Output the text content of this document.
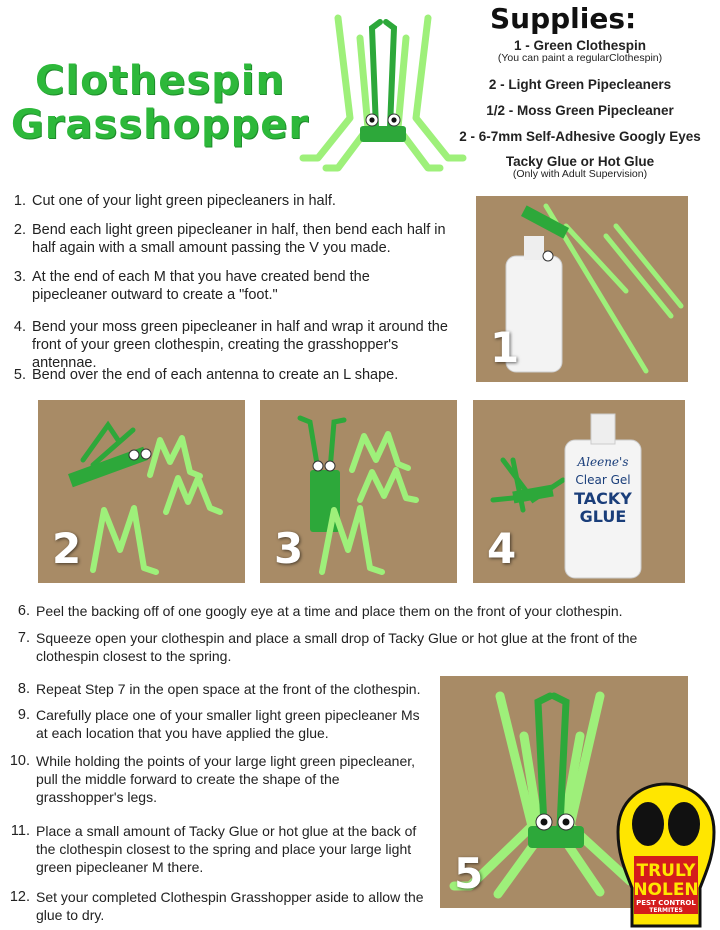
Clothespin
Grasshopper
Supplies:
1 - Green Clothespin
(You can paint a regularClothespin)
2 - Light Green Pipecleaners
1/2 - Moss Green Pipecleaner
2 - 6-7mm Self-Adhesive Googly Eyes
Tacky Glue or Hot Glue
(Only with Adult Supervision)
1. Cut one of your light green pipecleaners in half.
2. Bend each light green pipecleaner in half, then bend each half in half again with a small amount passing the V you made.
3. At the end of each M that you have created bend the pipecleaner outward to create a "foot."
4. Bend your moss green pipecleaner in half and wrap it around the front of your green clothespin, creating the grasshopper's antennae.
5. Bend over the end of each antenna to create an L shape.
1
2	3
Aleene's
Clear Gel
TACKY
GLUE
4
6. Peel the backing off of one googly eye at a time and place them on the front of your clothespin.
7. Squeeze open your clothespin and place a small drop of Tacky Glue or hot glue at the front of the clothespin closest to the spring.
8. Repeat Step 7 in the open space at the front of the clothespin.
9. Carefully place one of your smaller light green pipecleaner Ms at each location that you have applied the glue.
10. While holding the points of your large light green pipecleaner, pull the middle forward to create the shape of the grasshopper's legs.
11. Place a small amount of Tacky Glue or hot glue at the back of the clothespin closest to the spring and place your large light green pipecleaner M there.
12. Set your completed Clothespin Grasshopper aside to allow the glue to dry.
5	TRULY
NOLEN
PEST CONTROL
TERMITES
